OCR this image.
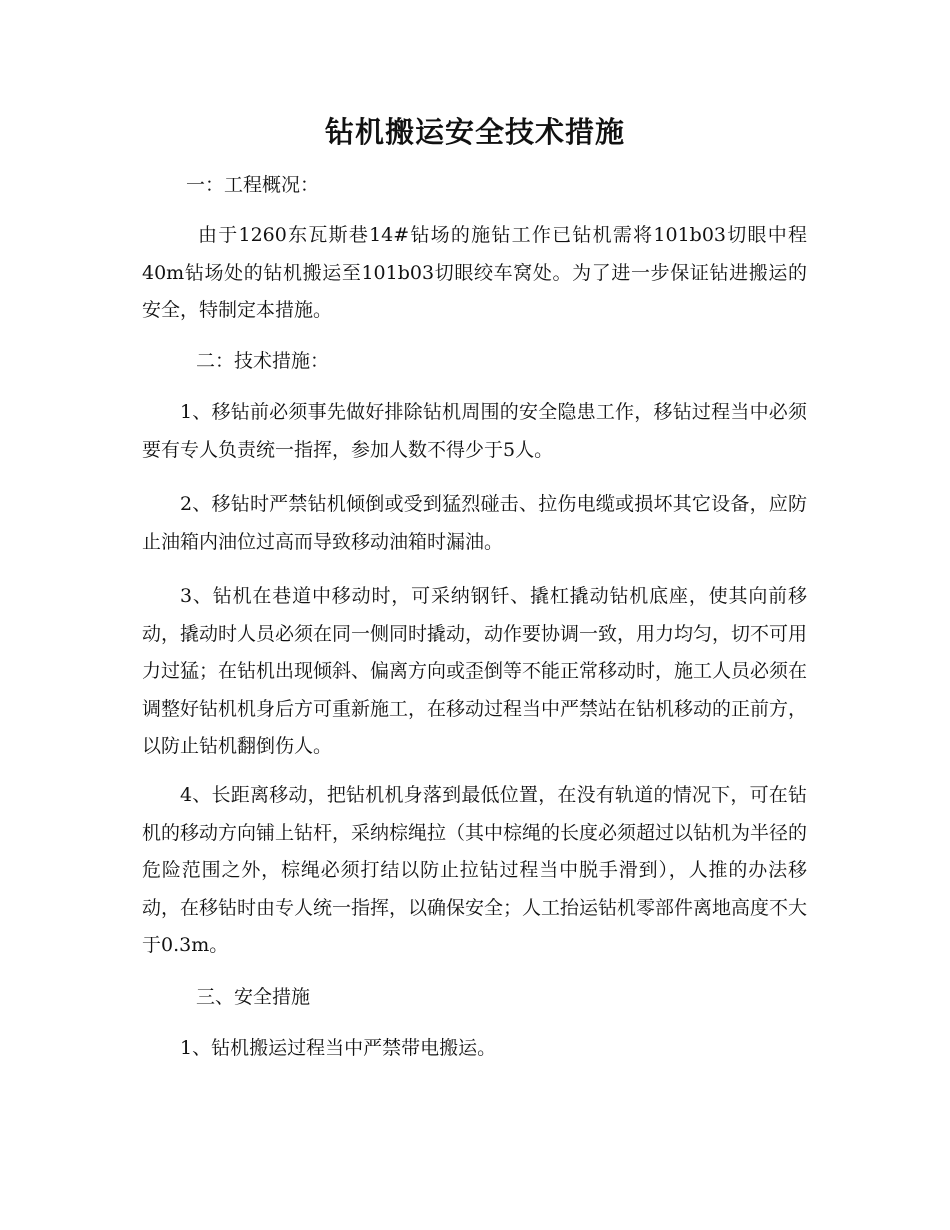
钻机搬运安全技术措施

一：工程概况：

由于1260东瓦斯巷14#钻场的施钻工作已钻机需将101b03切眼中程40m钻场处的钻机搬运至101b03切眼绞车窝处。为了进一步保证钻进搬运的安全，特制定本措施。

二：技术措施：

1、移钻前必须事先做好排除钻机周围的安全隐患工作，移钻过程当中必须要有专人负责统一指挥，参加人数不得少于5人。

2、移钻时严禁钻机倾倒或受到猛烈碰击、拉伤电缆或损坏其它设备，应防止油箱内油位过高而导致移动油箱时漏油。

3、钻机在巷道中移动时，可采纳钢钎、撬杠撬动钻机底座，使其向前移动，撬动时人员必须在同一侧同时撬动，动作要协调一致，用力均匀，切不可用力过猛；在钻机出现倾斜、偏离方向或歪倒等不能正常移动时，施工人员必须在调整好钻机机身后方可重新施工，在移动过程当中严禁站在钻机移动的正前方，以防止钻机翻倒伤人。

4、长距离移动，把钻机机身落到最低位置，在没有轨道的情况下，可在钻机的移动方向铺上钻杆，采纳棕绳拉（其中棕绳的长度必须超过以钻机为半径的危险范围之外，棕绳必须打结以防止拉钻过程当中脱手滑到），人推的办法移动，在移钻时由专人统一指挥，以确保安全；人工抬运钻机零部件离地高度不大于0.3m。

三、安全措施

1、钻机搬运过程当中严禁带电搬运。
